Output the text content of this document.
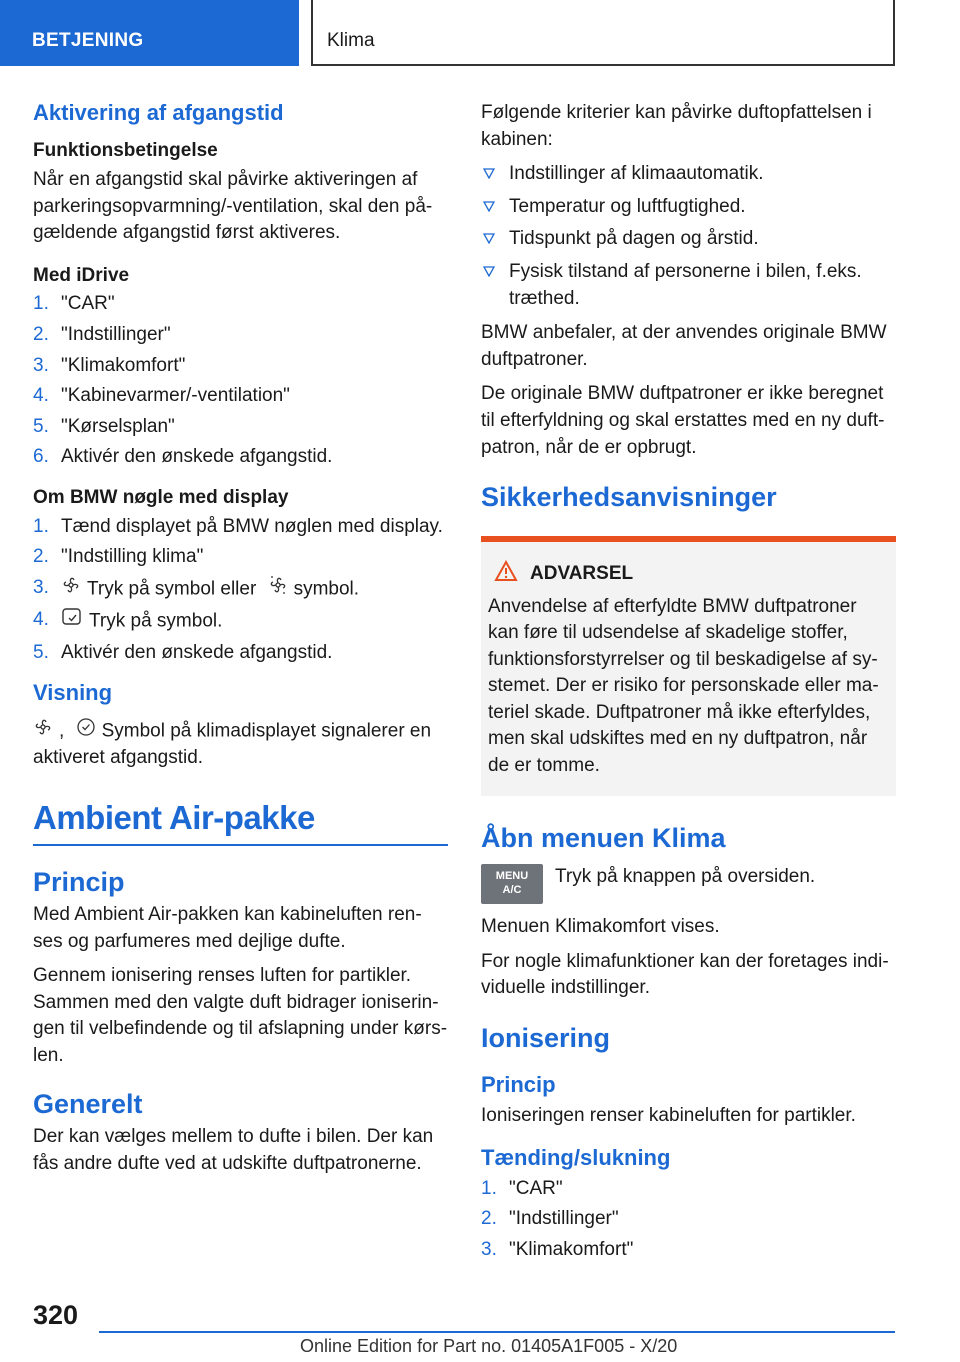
BETJENING	Klima
Aktivering af afgangstid
Funktionsbetingelse

Når en afgangstid skal påvirke aktiveringen af parkeringsopvarmning/-ventilation, skal den på-gældende afgangstid først aktiveres.

Med iDrive
1. "CAR"
2. "Indstillinger"
3. "Klimakomfort"
4. "Kabinevarmer/-ventilation"
5. "Kørselsplan"
6. Aktivér den ønskede afgangstid.
Om BMW nøgle med display
1. Tænd displayet på BMW nøglen med display.
2. "Indstilling klima"
3. Tryk på symbol eller symbol.
4. Tryk på symbol.
5. Aktivér den ønskede afgangstid.
Visning

, Symbol på klimadisplayet signalerer en aktiveret afgangstid.

Ambient Air-pakke
Princip

Med Ambient Air-pakken kan kabineluften ren-ses og parfumeres med dejlige dufte.

Gennem ionisering renses luften for partikler. Sammen med den valgte duft bidrager ioniserin-gen til velbefindende og til afslapning under kørs-len.

Generelt

Der kan vælges mellem to dufte i bilen. Der kan fås andre dufte ved at udskifte duftpatronerne.

Følgende kriterier kan påvirke duftopfattelsen i kabinen:

Indstillinger af klimaautomatik.
Temperatur og luftfugtighed.
Tidspunkt på dagen og årstid.
Fysisk tilstand af personerne i bilen, f.eks. træthed.

BMW anbefaler, at der anvendes originale BMW duftpatroner.

De originale BMW duftpatroner er ikke beregnet til efterfyldning og skal erstattes med en ny duft-patron, når de er opbrugt.

Sikkerhedsanvisninger
ADVARSEL

Anvendelse af efterfyldte BMW duftpatroner kan føre til udsendelse af skadelige stoffer, funktionsforstyrrelser og til beskadigelse af sy-stemet. Der er risiko for personskade eller ma-teriel skade. Duftpatroner må ikke efterfyldes, men skal udskiftes med en ny duftpatron, når de er tomme.

Åbn menuen Klima
MENU
A/C

Tryk på knappen på oversiden.

Menuen Klimakomfort vises.

For nogle klimafunktioner kan der foretages indi-viduelle indstillinger.

Ionisering
Princip

Ioniseringen renser kabineluften for partikler.

Tænding/slukning
1. "CAR"
2. "Indstillinger"
3. "Klimakomfort"
320
Online Edition for Part no. 01405A1F005 - X/20
